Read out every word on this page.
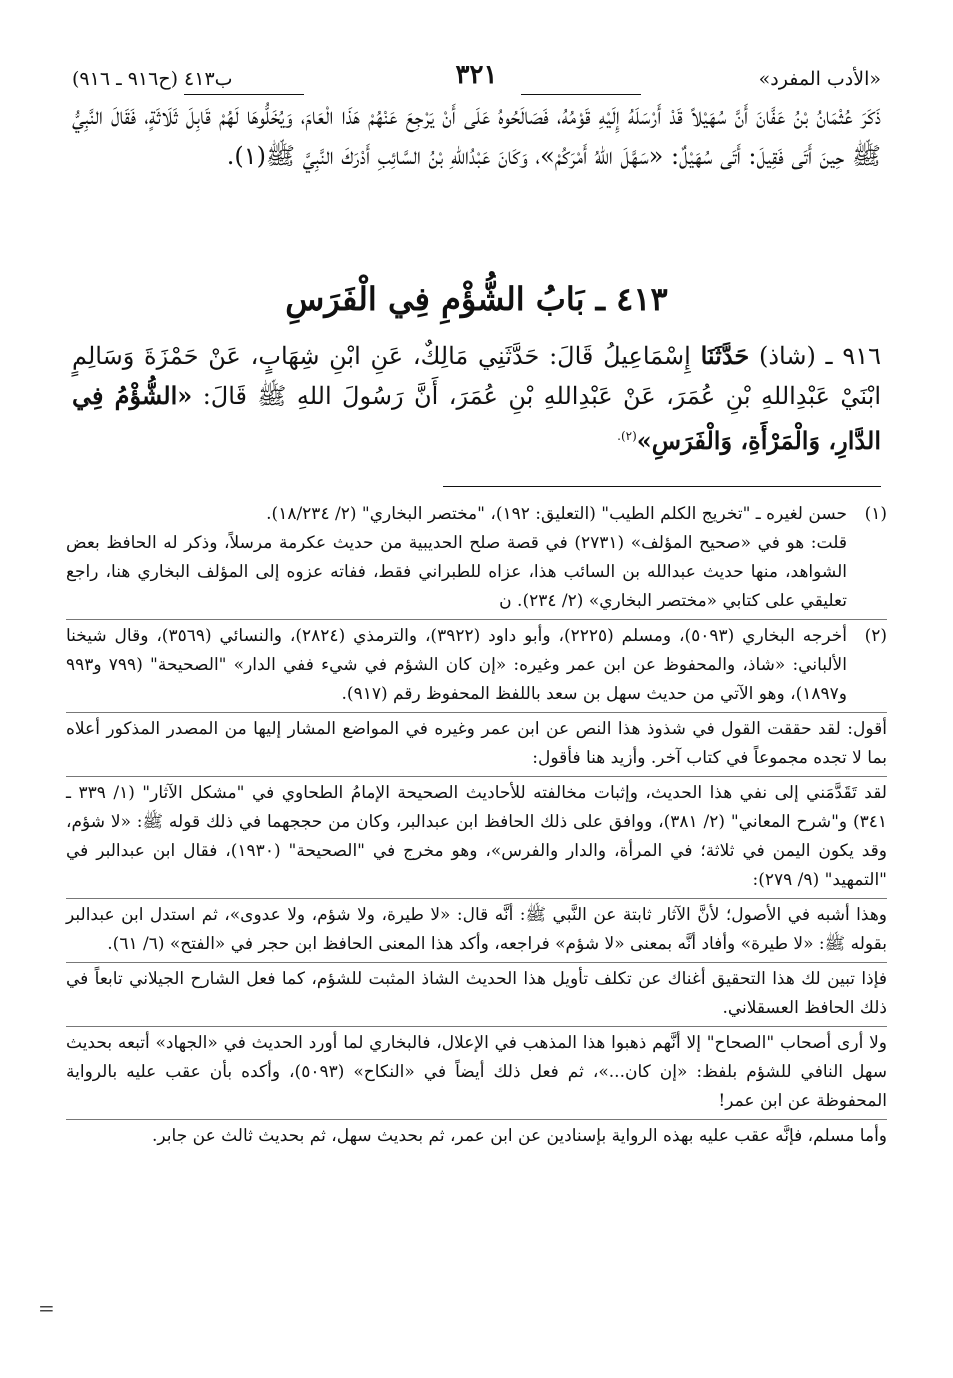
«الأدب المفرد»
٣٢١
ب٤١٣ (ح٩١٦ ـ ٩١٦)

ذَكَرَ عُثْمَانُ بْنُ عَفَّانَ أَنَّ سُهَيْلاً قَدْ أَرْسَلَهُ إِلَيْهِ قَوْمُهُ، فَصَالَحُوهُ عَلَى أَنْ يَرْجِعَ عَنْهُمْ هَذَا الْعَامَ، وَيُخَلُّوهَا لَهُمْ قَابِلَ ثَلَاثَةٍ، فَقَالَ النَّبِيُّ ﷺ حِينَ أَتَى فَقِيلَ: أَتَى سُهَيْلٌ: «سَهَّلَ اللهُ أَمْرَكُمْ»، وَكَانَ عَبْدُاللهِ بْنُ السَّائِبِ أَدْرَكَ النَّبِيَّ ﷺ(١).

٤١٣ ـ بَابُ الشُّؤْمِ فِي الْفَرَسِ
٩١٦ ـ (شاذ) حَدَّثَنَا إِسْمَاعِيلُ قَالَ: حَدَّثَنِي مَالِكٌ، عَنِ ابْنِ شِهَابٍ، عَنْ حَمْزَةَ وَسَالِمٍ ابْنَيْ عَبْدِاللهِ بْنِ عُمَرَ، عَنْ عَبْدِاللهِ بْنِ عُمَرَ، أَنَّ رَسُولَ اللهِ ﷺ قَالَ: «الشُّؤْمُ فِي الدَّارِ، وَالْمَرْأَةِ، وَالْفَرَسِ»$^{(٢).}$
(١)

حسن لغيره ـ "تخريج الكلم الطيب" (التعليق: ١٩٢)، "مختصر البخاري" (٢/ ١٨/٢٣٤).

قلت: هو في «صحيح المؤلف» (٢٧٣١) في قصة صلح الحديبية من حديث عكرمة مرسلاً، وذكر له الحافظ بعض الشواهد، منها حديث عبدالله بن السائب هذا، عزاه للطبراني فقط، ففاته عزوه إلى المؤلف البخاري هنا، راجع تعليقي على كتابي «مختصر البخاري» (٢/ ٢٣٤). ن

(٢)

أخرجه البخاري (٥٠٩٣)، ومسلم (٢٢٢٥)، وأبو داود (٣٩٢٢)، والترمذي (٢٨٢٤)، والنسائي (٣٥٦٩)، وقال شيخنا الألباني: «شاذ، والمحفوظ عن ابن عمر وغيره: «إن كان الشؤم في شيء ففي الدار» "الصحيحة" (٧٩٩ و٩٩٣ و١٨٩٧)، وهو الآتي من حديث سهل بن سعد باللفظ المحفوظ رقم (٩١٧).

أقول: لقد حققت القول في شذوذ هذا النص عن ابن عمر وغيره في المواضع المشار إليها من المصدر المذكور أعلاه بما لا تجده مجموعاً في كتاب آخر. وأزيد هنا فأقول:

لقد تَقَدَّمَني إلى نفي هذا الحديث، وإثبات مخالفته للأحاديث الصحيحة الإمامُ الطحاوي في "مشكل الآثار" (١/ ٣٣٩ ـ ٣٤١) و"شرح المعاني" (٢/ ٣٨١)، ووافق على ذلك الحافظ ابن عبدالبر، وكان من حججهما في ذلك قوله ﷺ: «لا شؤم، وقد يكون اليمن في ثلاثة؛ في المرأة، والدار والفرس»، وهو مخرج في "الصحيحة" (١٩٣٠)، فقال ابن عبدالبر في "التمهيد" (٩/ ٢٧٩):

وهذا أشبه في الأصول؛ لأنَّ الآثار ثابتة عن النَّبي ﷺ: أنَّه قال: «لا طيرة، ولا شؤم، ولا عدوى»، ثم استدل ابن عبدالبر بقوله ﷺ: «لا طيرة» وأفاد أنَّه بمعنى «لا شؤم» فراجعه، وأكد هذا المعنى الحافظ ابن حجر في «الفتح» (٦/ ٦١).

فإذا تبين لك هذا التحقيق أغناك عن تكلف تأويل هذا الحديث الشاذ المثبت للشؤم، كما فعل الشارح الجيلاني تابعاً في ذلك الحافظ العسقلاني.

ولا أرى أصحاب "الصحاح" إلا أنَّهم ذهبوا هذا المذهب في الإعلال، فالبخاري لما أورد الحديث في «الجهاد» أتبعه بحديث سهل النافي للشؤم بلفظ: «إن كان...»، ثم فعل ذلك أيضاً في «النكاح» (٥٠٩٣)، وأكده بأن عقب عليه بالرواية المحفوظة عن ابن عمر!

وأما مسلم، فإنَّه عقب عليه بهذه الرواية بإسنادين عن ابن عمر، ثم بحديث سهل، ثم بحديث ثالث عن جابر.

=
